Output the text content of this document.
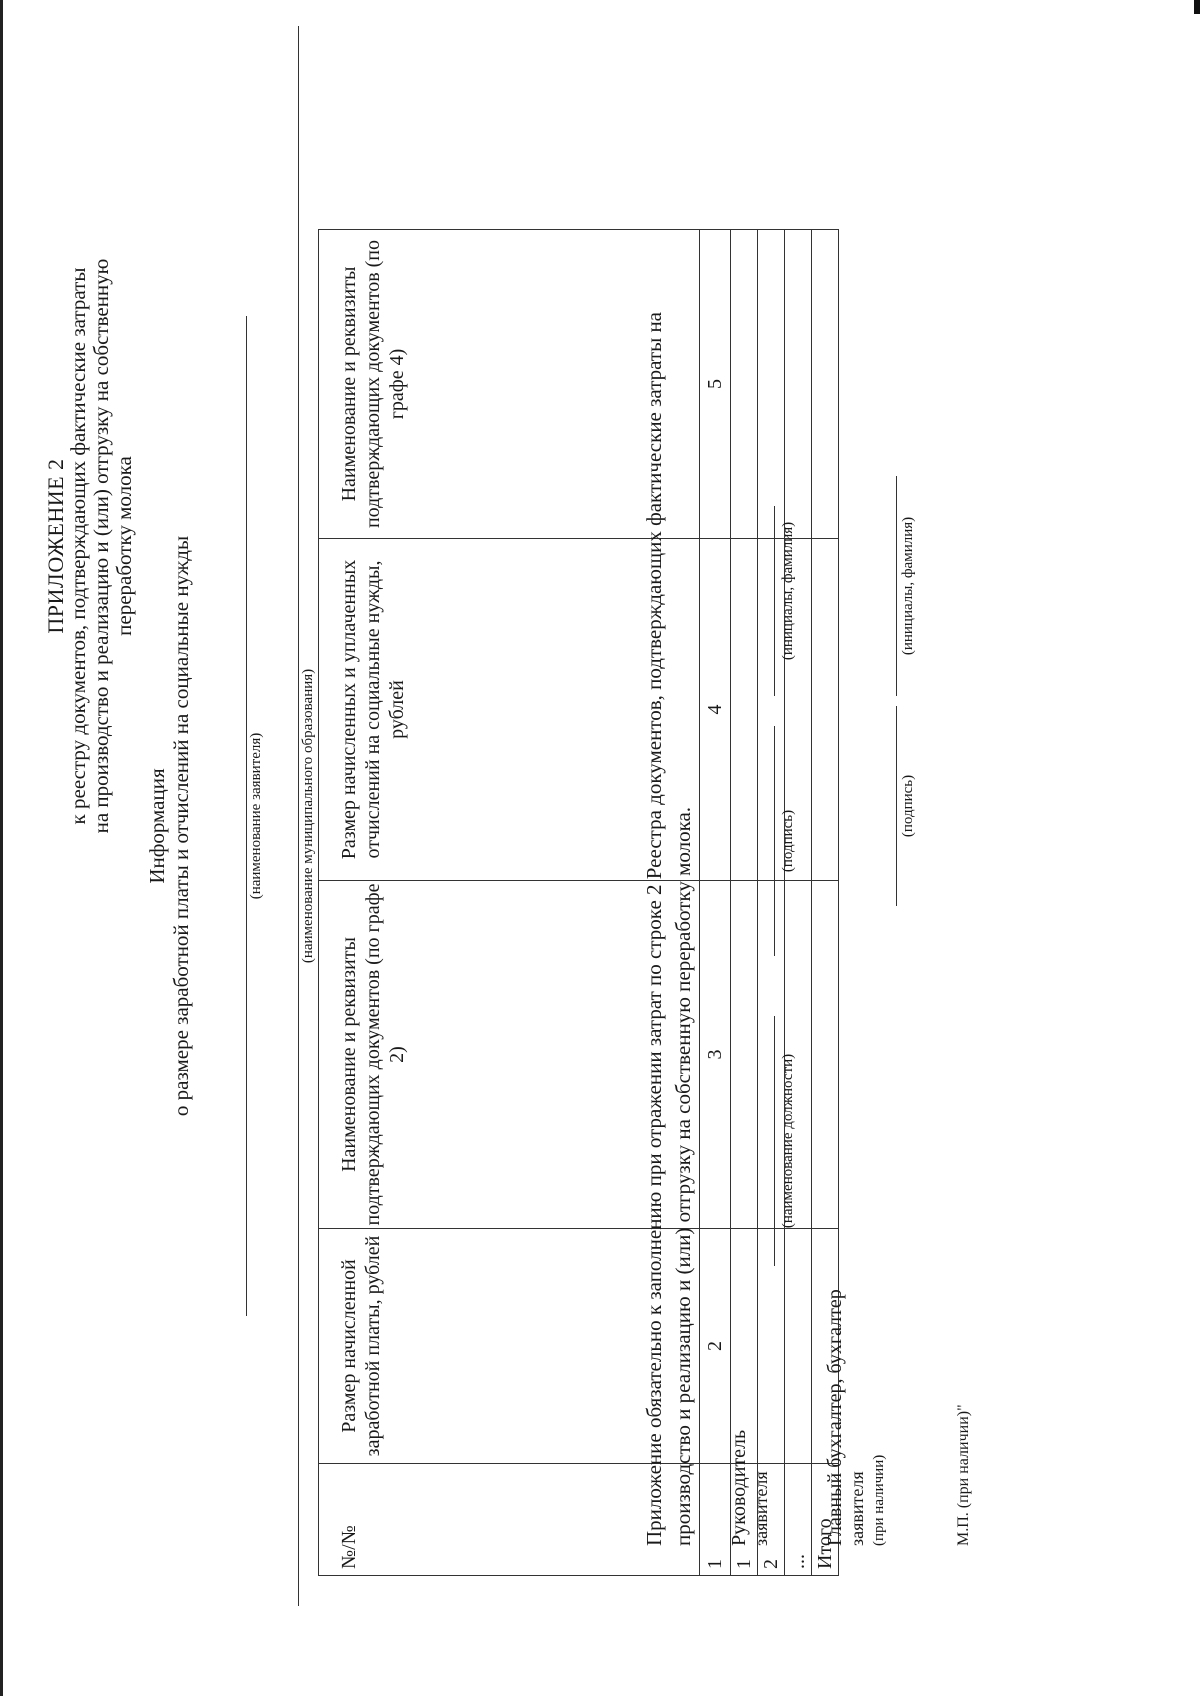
ПРИЛОЖЕНИЕ 2
к реестру документов, подтверждающих фактические затраты на производство и реализацию и (или) отгрузку на собственную переработку молока
Информация о размере заработной платы и отчислений на социальные нужды	(наименование заявителя) (наименование муниципального образования)
№/№	Размер начисленной заработной платы, рублей	Наименование и реквизиты подтверждающих документов (по графе 2)	Размер начисленных и уплаченных отчислений на социальные нужды, рублей	Наименование и реквизиты подтверждающих документов (по графе 4)
1	2	3	4	5
1				
2				
...				
Итого				
Приложение обязательно к заполнению при отражении затрат по строке 2 Реестра документов, подтверждающих фактические затраты на производство и реализацию и (или) отгрузку на собственную переработку молока. Руководитель заявителя
(наименование должности)
(подпись)
(инициалы, фамилия)
Главный бухгалтер, бухгалтер заявителя (при наличии)
(подпись)
(инициалы, фамилия)
М.П. (при наличии)"
